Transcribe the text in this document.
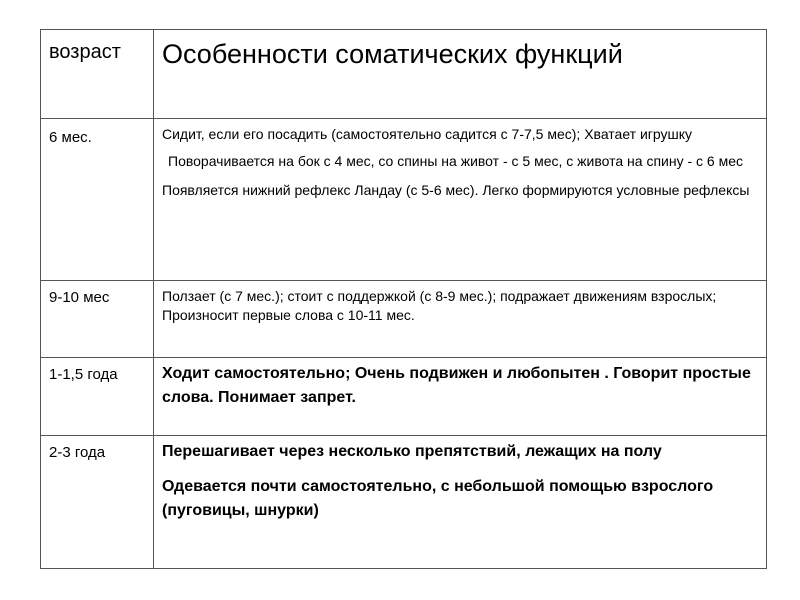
возраст	Особенности соматических функций
6 мес.	Сидит, если его посадить (самостоятельно садится с 7-7,5 мес); Хватает игрушку

Поворачивается на бок с 4 мес, со спины на живот - с 5 мес, с живота на спину - с 6 мес

Появляется нижний рефлекс Ландау (с 5-6 мес). Легко формируются условные рефлексы

9-10 мес	Ползает (с 7 мес.); стоит с поддержкой (с 8-9 мес.); подражает движениям взрослых; Произносит первые слова с 10-11 мес.

1-1,5 года	Ходит самостоятельно; Очень подвижен и любопытен . Говорит простые слова. Понимает запрет.

2-3 года	Перешагивает через несколько препятствий, лежащих на полу

Одевается почти самостоятельно, с небольшой помощью взрослого (пуговицы, шнурки)
